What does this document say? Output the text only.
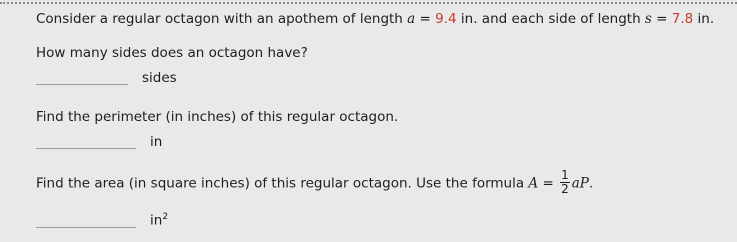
Consider a regular octagon with an apothem of length a = 9.4 in. and each side of length s = 7.8 in.
How many sides does an octagon have?
sides
Find the perimeter (in inches) of this regular octagon.
in
Find the area (in square inches) of this regular octagon. Use the formula $A = \frac{1}{2}$ aP.
$in^2$
